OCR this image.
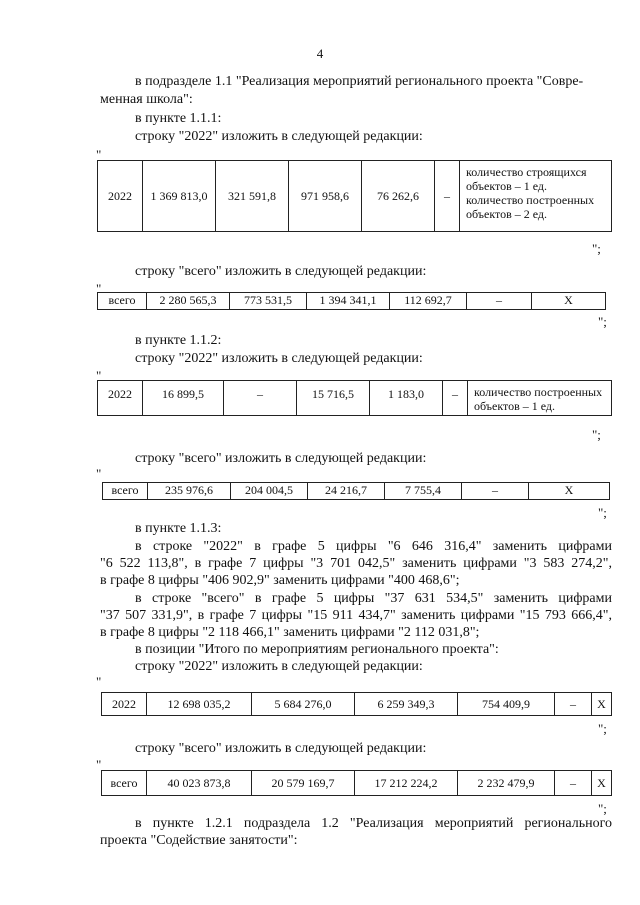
4
в подразделе 1.1 "Реализация мероприятий регионального проекта "Совре-
менная школа":
в пункте 1.1.1:
строку "2022" изложить в следующей редакции:
"
2022	1 369 813,0	321 591,8	971 958,6	76 262,6	–	
количество строящихся
объектов – 1 ед.
количество построенных
объектов – 2 ед.
";
строку "всего" изложить в следующей редакции:
"
всего	2 280 565,3	773 531,5	1 394 341,1	112 692,7	–	Х
";
в пункте 1.1.2:
строку "2022" изложить в следующей редакции:
"
2022	16 899,5	–	15 716,5	1 183,0	–	количество построенных
объектов – 1 ед.
";
строку "всего" изложить в следующей редакции:
"
всего	235 976,6	204 004,5	24 216,7	7 755,4	–	Х
";
в пункте 1.1.3:
в строке "2022" в графе 5 цифры "6 646 316,4" заменить цифрами
"6 522 113,8", в графе 7 цифры "3 701 042,5" заменить цифрами "3 583 274,2",
в графе 8 цифры "406 902,9" заменить цифрами "400 468,6";
в строке "всего" в графе 5 цифры "37 631 534,5" заменить цифрами
"37 507 331,9", в графе 7 цифры "15 911 434,7" заменить цифрами "15 793 666,4",
в графе 8 цифры "2 118 466,1" заменить цифрами "2 112 031,8";
в позиции "Итого по мероприятиям регионального проекта":
строку "2022" изложить в следующей редакции:
"
2022	12 698 035,2	5 684 276,0	6 259 349,3	754 409,9	–	Х
";
строку "всего" изложить в следующей редакции:
"
всего	40 023 873,8	20 579 169,7	17 212 224,2	2 232 479,9	–	Х
";
в пункте 1.2.1 подраздела 1.2 "Реализация мероприятий регионального
проекта "Содействие занятости":
